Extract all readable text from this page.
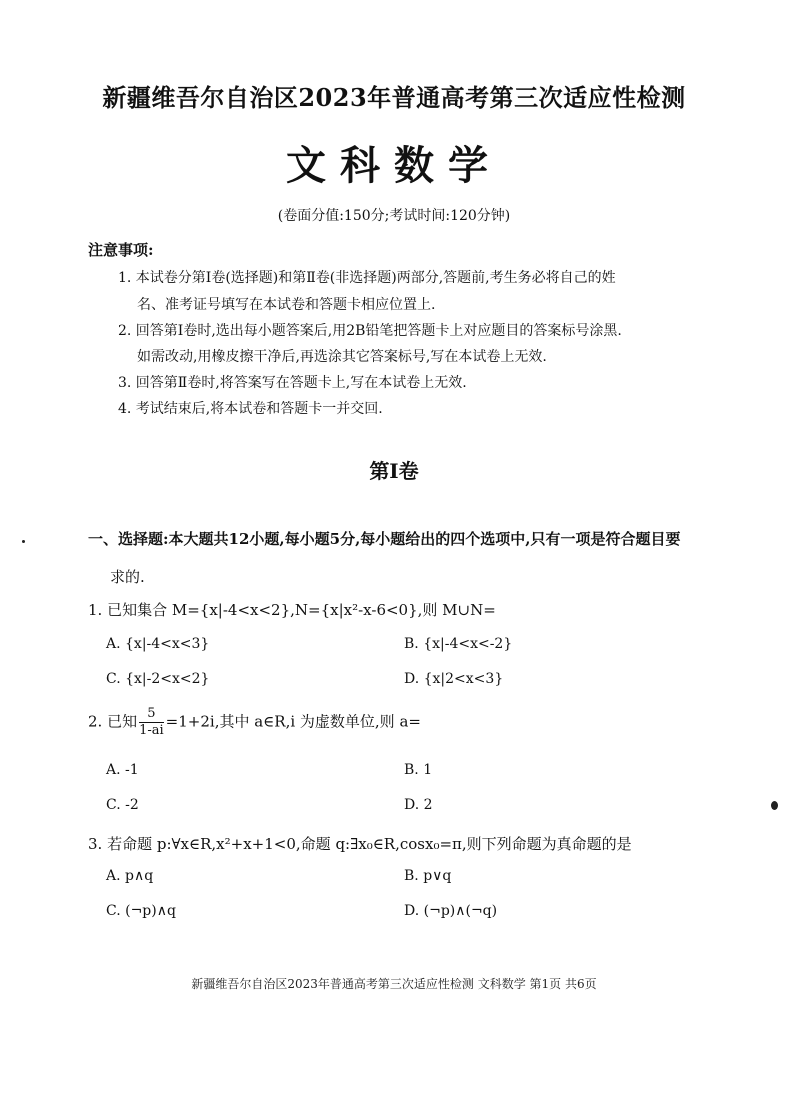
新疆维吾尔自治区2023年普通高考第三次适应性检测
文科数学
(卷面分值:150分;考试时间:120分钟)
注意事项:
1. 本试卷分第Ⅰ卷(选择题)和第Ⅱ卷(非选择题)两部分,答题前,考生务必将自己的姓
名、准考证号填写在本试卷和答题卡相应位置上.
2. 回答第Ⅰ卷时,选出每小题答案后,用2B铅笔把答题卡上对应题目的答案标号涂黑.
如需改动,用橡皮擦干净后,再选涂其它答案标号,写在本试卷上无效.
3. 回答第Ⅱ卷时,将答案写在答题卡上,写在本试卷上无效.
4. 考试结束后,将本试卷和答题卡一并交回.
第Ⅰ卷
一、选择题:本大题共12小题,每小题5分,每小题给出的四个选项中,只有一项是符合题目要
求的.
1. 已知集合 M={x|-4<x<2},N={x|x²-x-6<0},则 M∪N=
A. {x|-4<x<3}	B. {x|-4<x<-2}
C. {x|-2<x<2}	D. {x|2<x<3}
2. 已知 $\frac{5}{1-ai} =1+2i$,其中 a∈R,i 为虚数单位,则 a=
A. -1	B. 1
C. -2	D. 2
3. 若命题 p:∀x∈R,x²+x+1<0,命题 q:∃x₀∈R,cosx₀=π,则下列命题为真命题的是
A. p∧q	B. p∨q
C. (¬p)∧q	D. (¬p)∧(¬q)
新疆维吾尔自治区2023年普通高考第三次适应性检测 文科数学 第1页 共6页
